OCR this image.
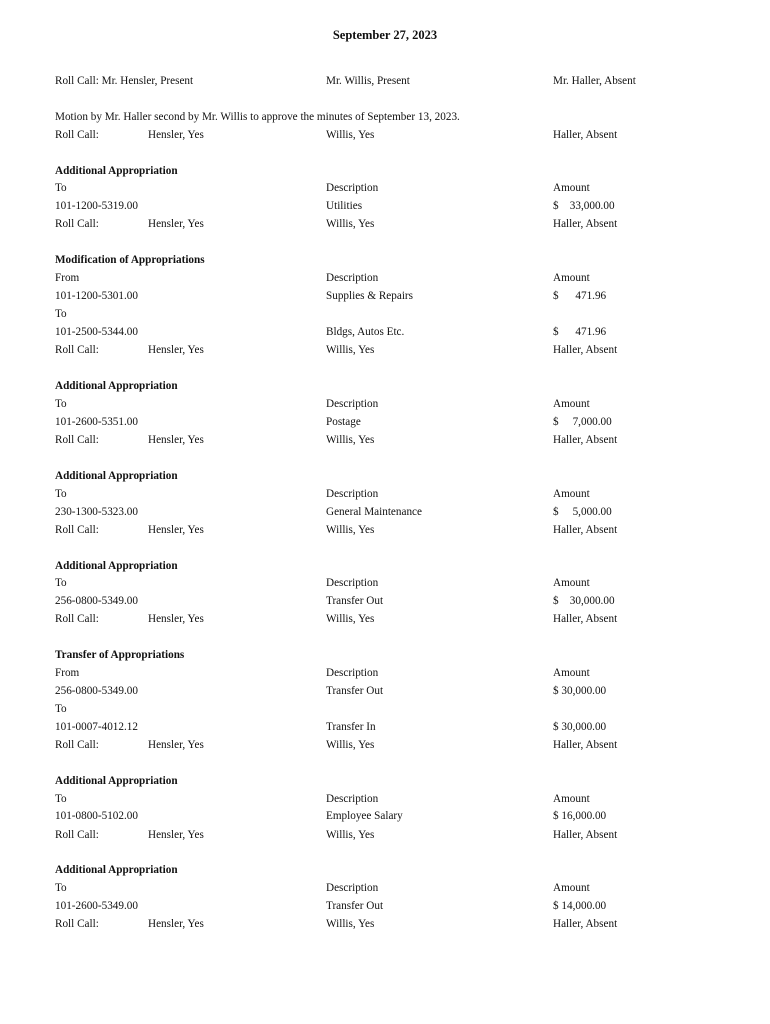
September 27, 2023
Roll Call: Mr. Hensler, Present	Mr. Willis, Present	Mr. Haller, Absent
Motion by Mr. Haller second by Mr. Willis to approve the minutes of September 13, 2023.
Roll Call:	Hensler, Yes	Willis, Yes	Haller, Absent
Additional Appropriation
To	Description	Amount
101-1200-5319.00	Utilities	$    33,000.00
Roll Call:	Hensler, Yes	Willis, Yes	Haller, Absent
Modification of Appropriations
From	Description	Amount
101-1200-5301.00	Supplies & Repairs	$      471.96
To
101-2500-5344.00	Bldgs, Autos Etc.	$      471.96
Roll Call:	Hensler, Yes	Willis, Yes	Haller, Absent
Additional Appropriation
To	Description	Amount
101-2600-5351.00	Postage	$     7,000.00
Roll Call:	Hensler, Yes	Willis, Yes	Haller, Absent
Additional Appropriation
To	Description	Amount
230-1300-5323.00	General Maintenance	$     5,000.00
Roll Call:	Hensler, Yes	Willis, Yes	Haller, Absent
Additional Appropriation
To	Description	Amount
256-0800-5349.00	Transfer Out	$    30,000.00
Roll Call:	Hensler, Yes	Willis, Yes	Haller, Absent
Transfer of Appropriations
From	Description	Amount
256-0800-5349.00	Transfer Out	$ 30,000.00
To
101-0007-4012.12	Transfer In	$ 30,000.00
Roll Call:	Hensler, Yes	Willis, Yes	Haller, Absent
Additional Appropriation
To	Description	Amount
101-0800-5102.00	Employee Salary	$ 16,000.00
Roll Call:	Hensler, Yes	Willis, Yes	Haller, Absent
Additional Appropriation
To	Description	Amount
101-2600-5349.00	Transfer Out	$ 14,000.00
Roll Call:	Hensler, Yes	Willis, Yes	Haller, Absent
